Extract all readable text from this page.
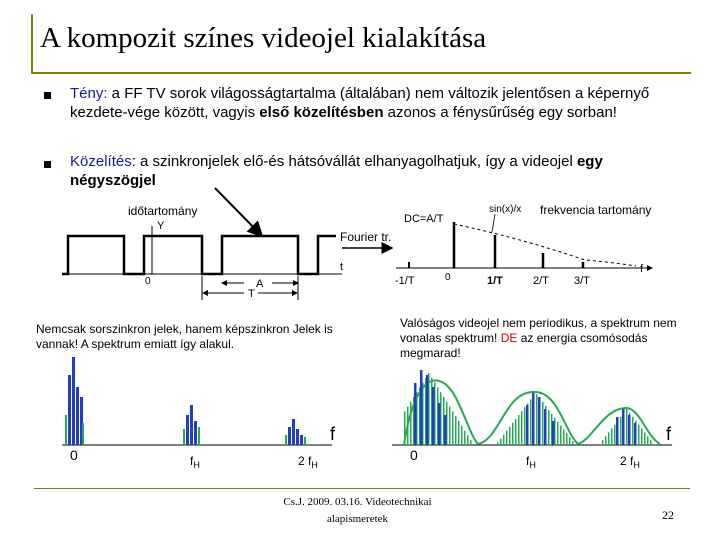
A kompozit színes videojel kialakítása
Tény: a FF TV sorok világosságtartalma (általában) nem változik jelentősen a képernyő kezdete-vége között, vagyis első közelítésben azonos a fénysűrűség egy sorban!
Közelítés: a szinkronjelek elő-és hátsóvállát elhanyagolhatjuk, így a videojel egy négyszögjel
időtartomány
Y
t
0	A
T
Fourier tr.
frekvencia tartomány
DC=A/T
sin(x)/x
f
0
-1/T	1/T	2/T 3/T
Nemcsak sorszinkron jelek, hanem képszinkron Jelek is vannak! A spektrum emiatt így alakul.
Valóságos videojel nem periodikus, a spektrum nem vonalas spektrum! DE az energia csomósodás megmarad!
0
f
$f_H$	2 $f_H$
0
f
$f_H$	2 $f_H$
Cs.J. 2009. 03.16. Videotechnikai
alapismeretek	22
